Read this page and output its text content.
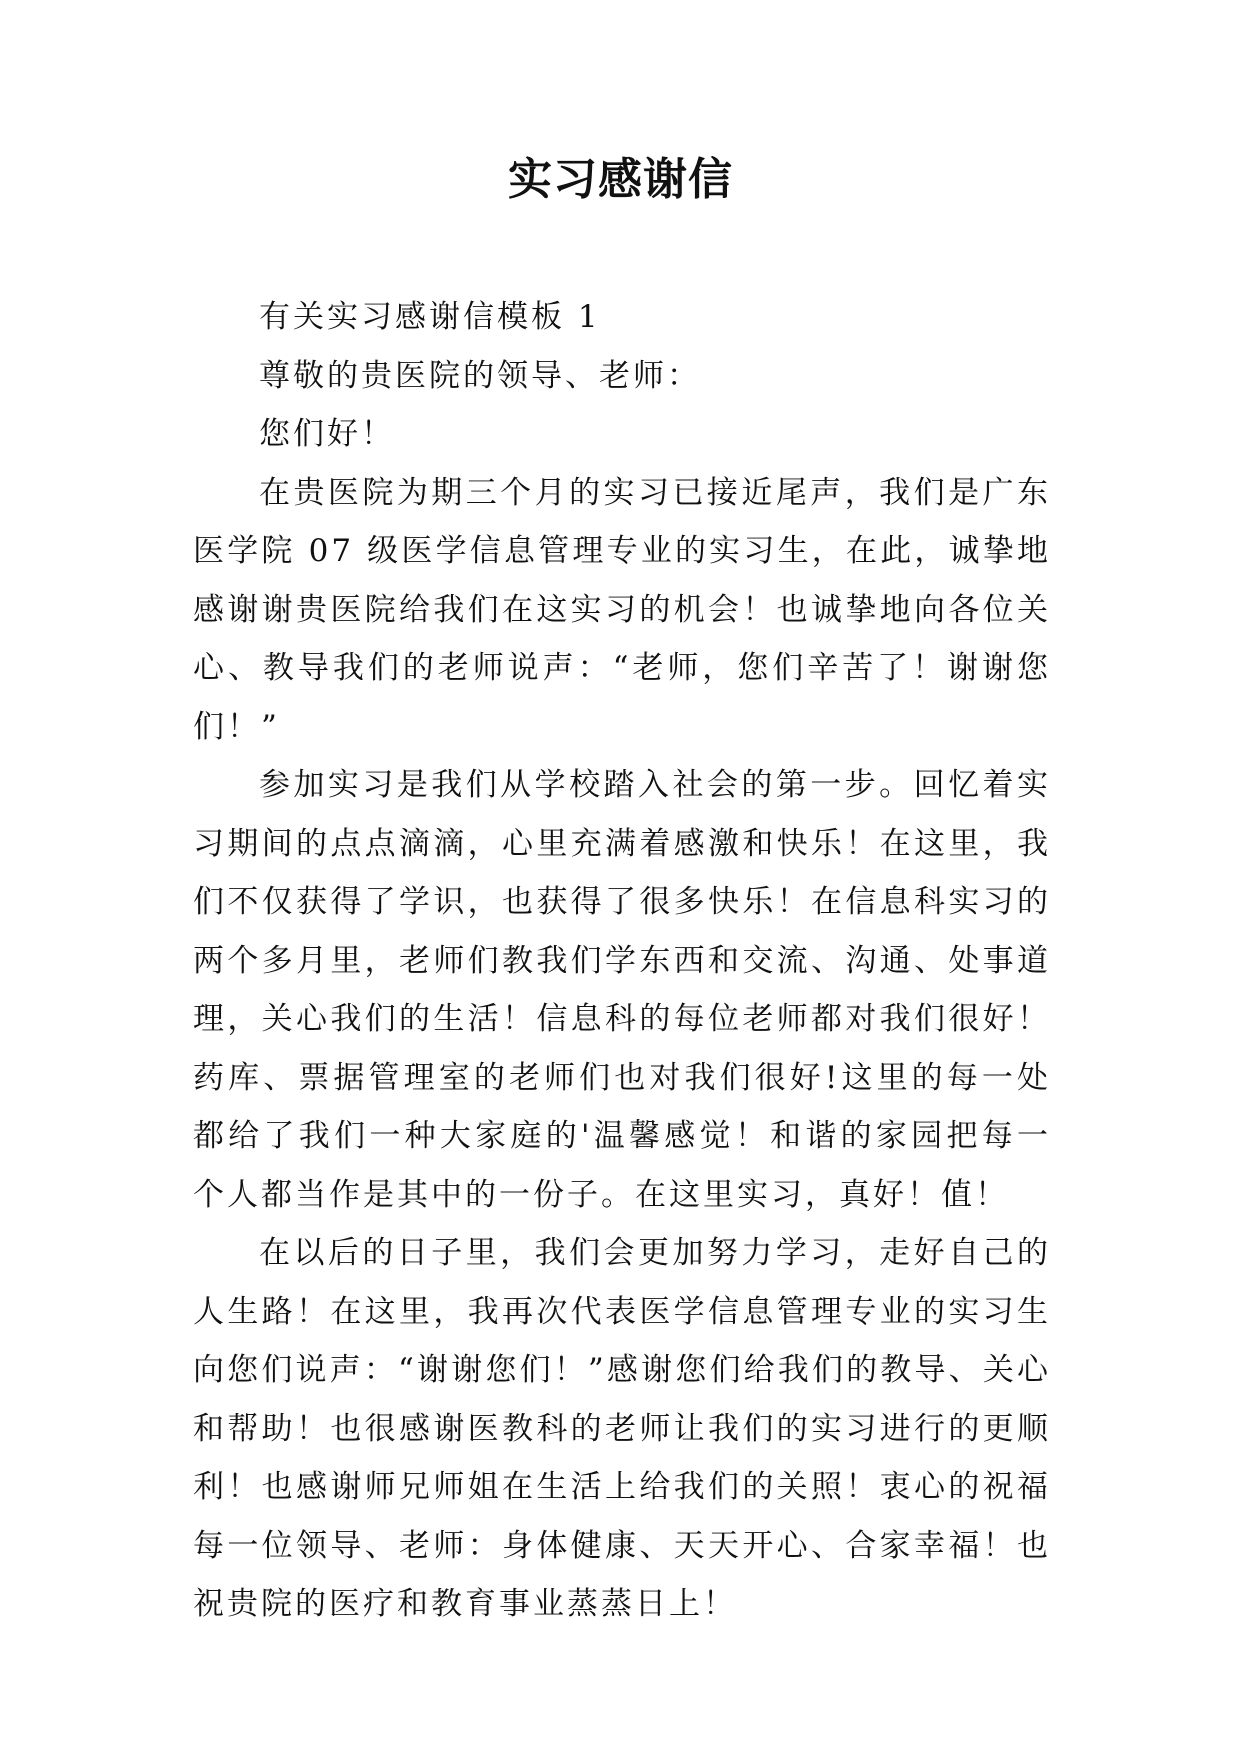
实习感谢信

有关实习感谢信模板 1

尊敬的贵医院的领导、老师：

您们好！

在贵医院为期三个月的实习已接近尾声，我们是广东医学院 07 级医学信息管理专业的实习生，在此，诚挚地感谢谢贵医院给我们在这实习的机会！也诚挚地向各位关心、教导我们的老师说声：“老师，您们辛苦了！谢谢您们！”

参加实习是我们从学校踏入社会的第一步。回忆着实习期间的点点滴滴，心里充满着感激和快乐！在这里，我们不仅获得了学识，也获得了很多快乐！在信息科实习的两个多月里，老师们教我们学东西和交流、沟通、处事道理，关心我们的生活！信息科的每位老师都对我们很好！药库、票据管理室的老师们也对我们很好!这里的每一处都给了我们一种大家庭的'温馨感觉！和谐的家园把每一个人都当作是其中的一份子。在这里实习，真好！值！

在以后的日子里，我们会更加努力学习，走好自己的人生路！在这里，我再次代表医学信息管理专业的实习生向您们说声：“谢谢您们！”感谢您们给我们的教导、关心和帮助！也很感谢医教科的老师让我们的实习进行的更顺利！也感谢师兄师姐在生活上给我们的关照！衷心的祝福每一位领导、老师：身体健康、天天开心、合家幸福！也祝贵院的医疗和教育事业蒸蒸日上！
